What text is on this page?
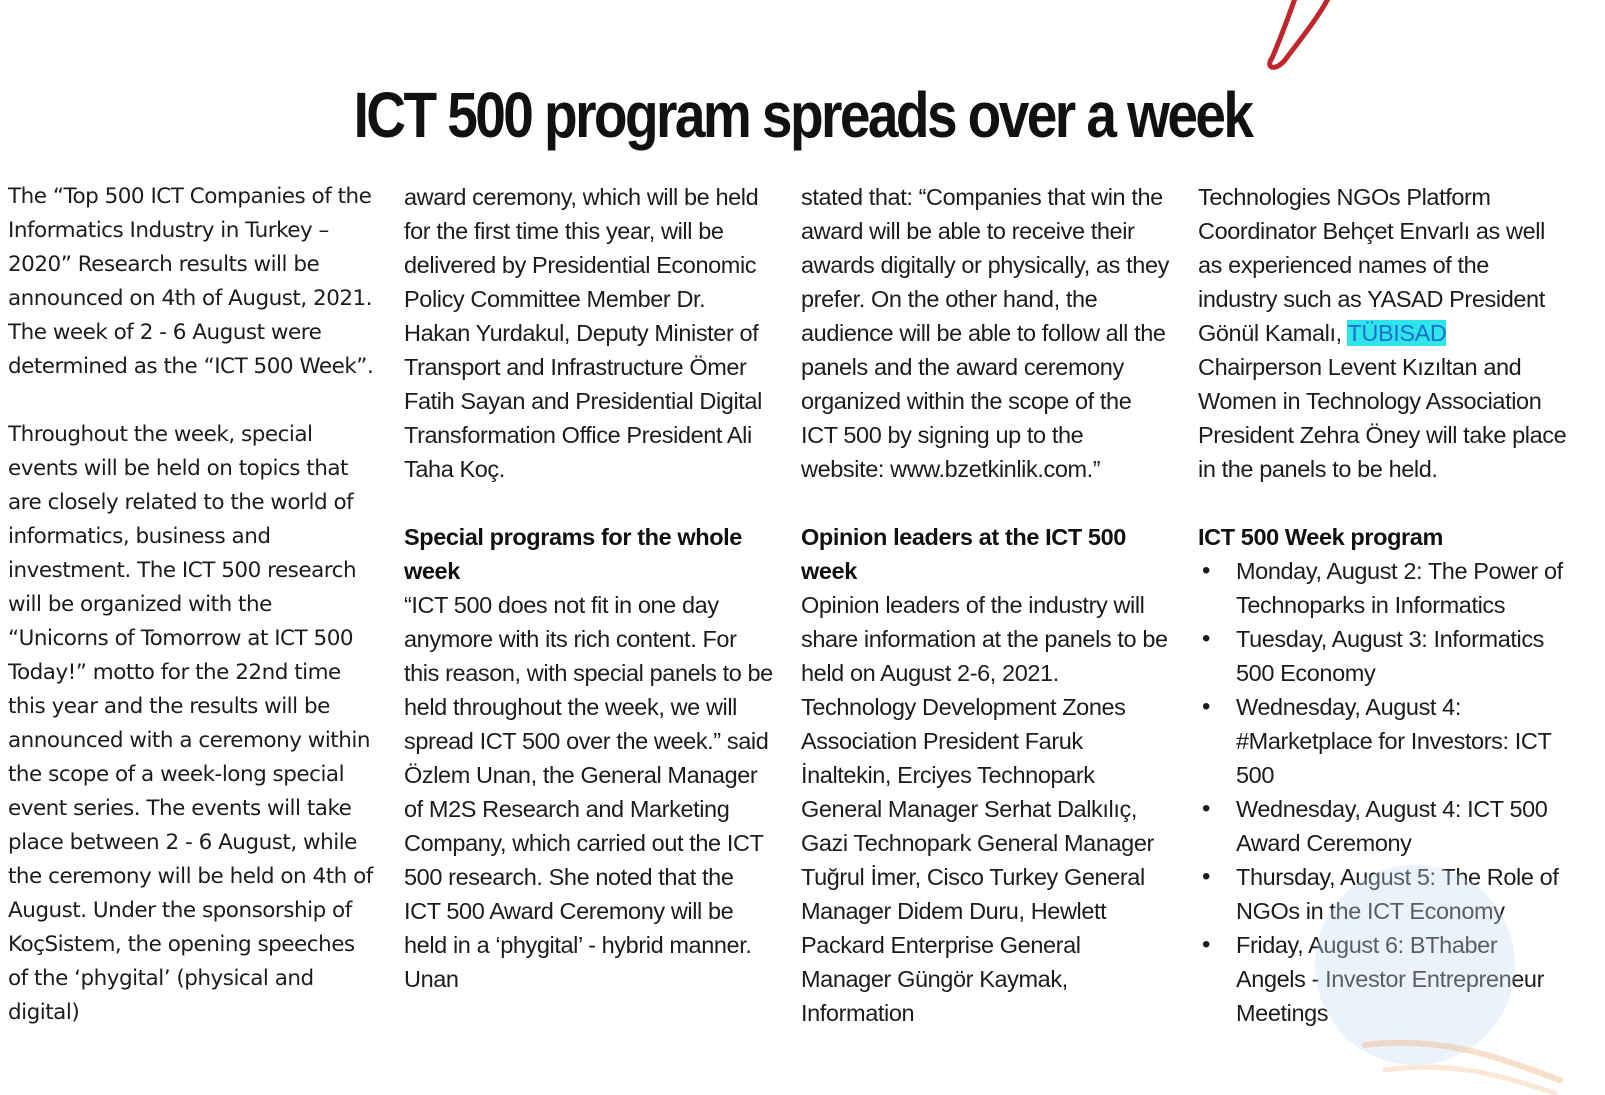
ICT 500 program spreads over a week

The “Top 500 ICT Companies of the Informatics Industry in Turkey – 2020” Research results will be announced on 4th of August, 2021. The week of 2 - 6 August were determined as the “ICT 500 Week”.

Throughout the week, special events will be held on topics that are closely related to the world of informatics, business and investment. The ICT 500 research will be organized with the “Unicorns of Tomorrow at ICT 500 Today!” motto for the 22nd time this year and the results will be announced with a ceremony within the scope of a week-long special event series. The events will take place between 2 - 6 August, while the ceremony will be held on 4th of August. Under the sponsorship of KoçSistem, the opening speeches of the ‘phygital’ (physical and digital)

award ceremony, which will be held for the first time this year, will be delivered by Presidential Economic Policy Committee Member Dr. Hakan Yurdakul, Deputy Minister of Transport and Infrastructure Ömer Fatih Sayan and Presidential Digital Transformation Office President Ali Taha Koç.

Special programs for the whole week

“ICT 500 does not fit in one day anymore with its rich content. For this reason, with special panels to be held throughout the week, we will spread ICT 500 over the week.” said Özlem Unan, the General Manager of M2S Research and Marketing Company, which carried out the ICT 500 research. She noted that the ICT 500 Award Ceremony will be held in a ‘phygital’ - hybrid manner. Unan

stated that: “Companies that win the award will be able to receive their awards digitally or physically, as they prefer. On the other hand, the audience will be able to follow all the panels and the award ceremony organized within the scope of the ICT 500 by signing up to the website: www.bzetkinlik.com.”

Opinion leaders at the ICT 500 week

Opinion leaders of the industry will share information at the panels to be held on August 2-6, 2021. Technology Development Zones Association President Faruk İnaltekin, Erciyes Technopark General Manager Serhat Dalkılıç, Gazi Technopark General Manager Tuğrul İmer, Cisco Turkey General Manager Didem Duru, Hewlett Packard Enterprise General Manager Güngör Kaymak, Information

Technologies NGOs Platform Coordinator Behçet Envarlı as well as experienced names of the industry such as YASAD President Gönül Kamalı, TÜBISAD Chairperson Levent Kızıltan and Women in Technology Association President Zehra Öney will take place in the panels to be held.

ICT 500 Week program

• Monday, August 2: The Power of Technoparks in Informatics
• Tuesday, August 3: Informatics 500 Economy
• Wednesday, August 4: #Marketplace for Investors: ICT 500
• Wednesday, August 4: ICT 500 Award Ceremony
• Thursday, August 5: The Role of NGOs in the ICT Economy
• Friday, August 6: BThaber Angels - Investor Entrepreneur Meetings
